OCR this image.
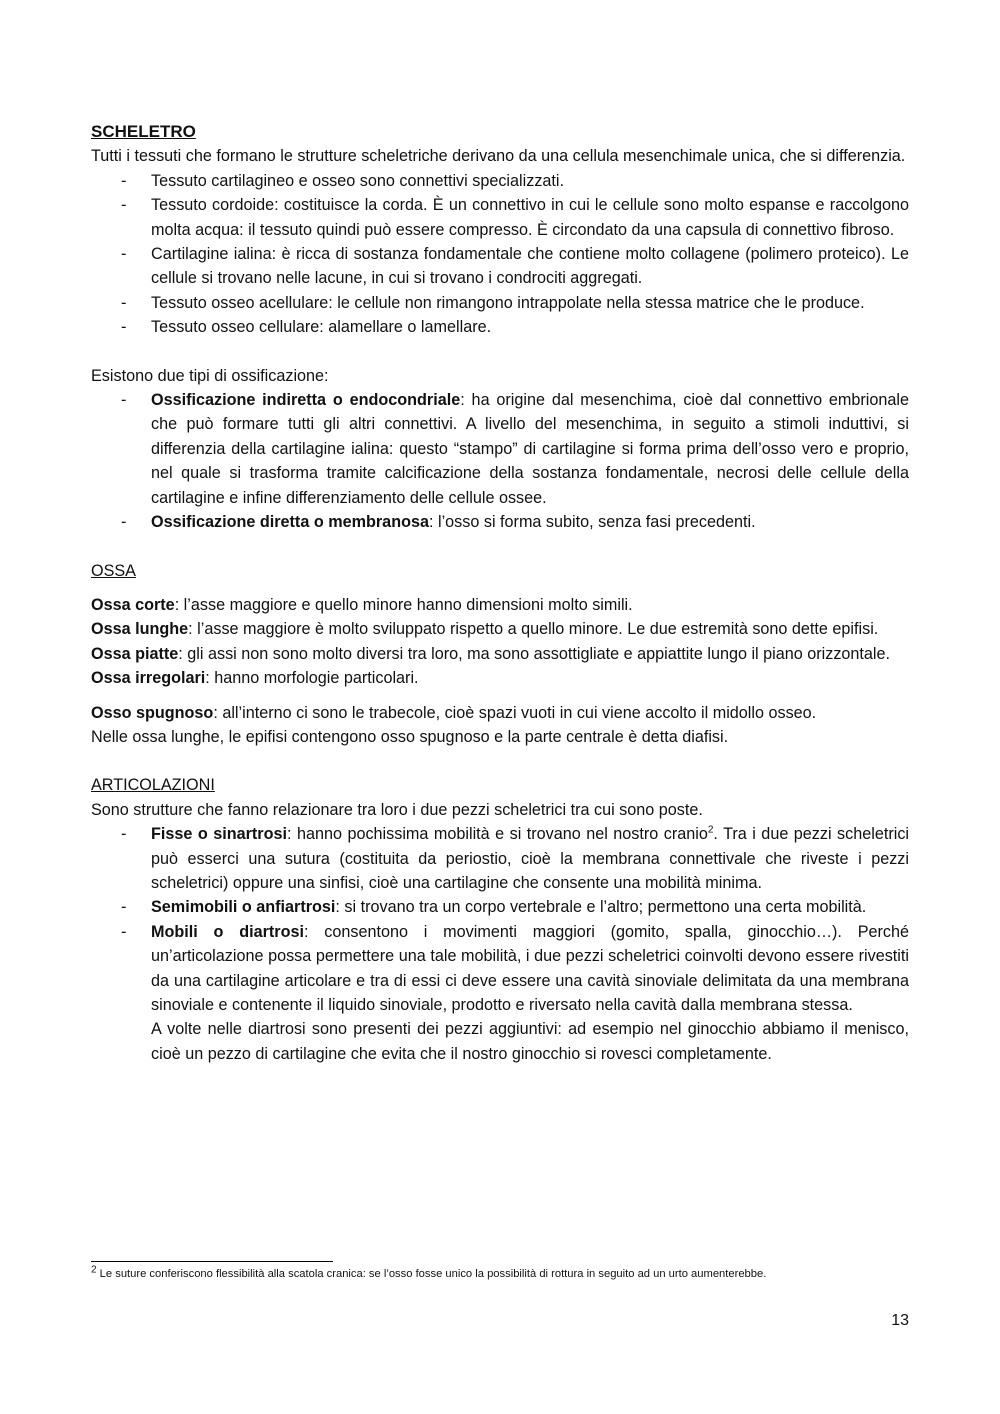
SCHELETRO

Tutti i tessuti che formano le strutture scheletriche derivano da una cellula mesenchimale unica, che si differenzia.

- Tessuto cartilagineo e osseo sono connettivi specializzati.
- Tessuto cordoide: costituisce la corda. È un connettivo in cui le cellule sono molto espanse e raccolgono molta acqua: il tessuto quindi può essere compresso. È circondato da una capsula di connettivo fibroso.
- Cartilagine ialina: è ricca di sostanza fondamentale che contiene molto collagene (polimero proteico). Le cellule si trovano nelle lacune, in cui si trovano i condrociti aggregati.
- Tessuto osseo acellulare: le cellule non rimangono intrappolate nella stessa matrice che le produce.
- Tessuto osseo cellulare: alamellare o lamellare.

Esistono due tipi di ossificazione:

- Ossificazione indiretta o endocondriale: ha origine dal mesenchima, cioè dal connettivo embrionale che può formare tutti gli altri connettivi. A livello del mesenchima, in seguito a stimoli induttivi, si differenzia della cartilagine ialina: questo “stampo” di cartilagine si forma prima dell’osso vero e proprio, nel quale si trasforma tramite calcificazione della sostanza fondamentale, necrosi delle cellule della cartilagine e infine differenziamento delle cellule ossee.
- Ossificazione diretta o membranosa: l’osso si forma subito, senza fasi precedenti.

OSSA

Ossa corte: l’asse maggiore e quello minore hanno dimensioni molto simili.

Ossa lunghe: l’asse maggiore è molto sviluppato rispetto a quello minore. Le due estremità sono dette epifisi.

Ossa piatte: gli assi non sono molto diversi tra loro, ma sono assottigliate e appiattite lungo il piano orizzontale.

Ossa irregolari: hanno morfologie particolari.

Osso spugnoso: all’interno ci sono le trabecole, cioè spazi vuoti in cui viene accolto il midollo osseo.

Nelle ossa lunghe, le epifisi contengono osso spugnoso e la parte centrale è detta diafisi.

ARTICOLAZIONI

Sono strutture che fanno relazionare tra loro i due pezzi scheletrici tra cui sono poste.

- Fisse o sinartrosi: hanno pochissima mobilità e si trovano nel nostro cranio$^2$. Tra i due pezzi scheletrici può esserci una sutura (costituita da periostio, cioè la membrana connettivale che riveste i pezzi scheletrici) oppure una sinfisi, cioè una cartilagine che consente una mobilità minima.
- Semimobili o anfiartrosi: si trovano tra un corpo vertebrale e l’altro; permettono una certa mobilità.
- Mobili o diartrosi: consentono i movimenti maggiori (gomito, spalla, ginocchio…). Perché un’articolazione possa permettere una tale mobilità, i due pezzi scheletrici coinvolti devono essere rivestiti da una cartilagine articolare e tra di essi ci deve essere una cavità sinoviale delimitata da una membrana sinoviale e contenente il liquido sinoviale, prodotto e riversato nella cavità dalla membrana stessa.
A volte nelle diartrosi sono presenti dei pezzi aggiuntivi: ad esempio nel ginocchio abbiamo il menisco, cioè un pezzo di cartilagine che evita che il nostro ginocchio si rovesci completamente.
$^2$ Le suture conferiscono flessibilità alla scatola cranica: se l’osso fosse unico la possibilità di rottura in seguito ad un urto aumenterebbe.
13
